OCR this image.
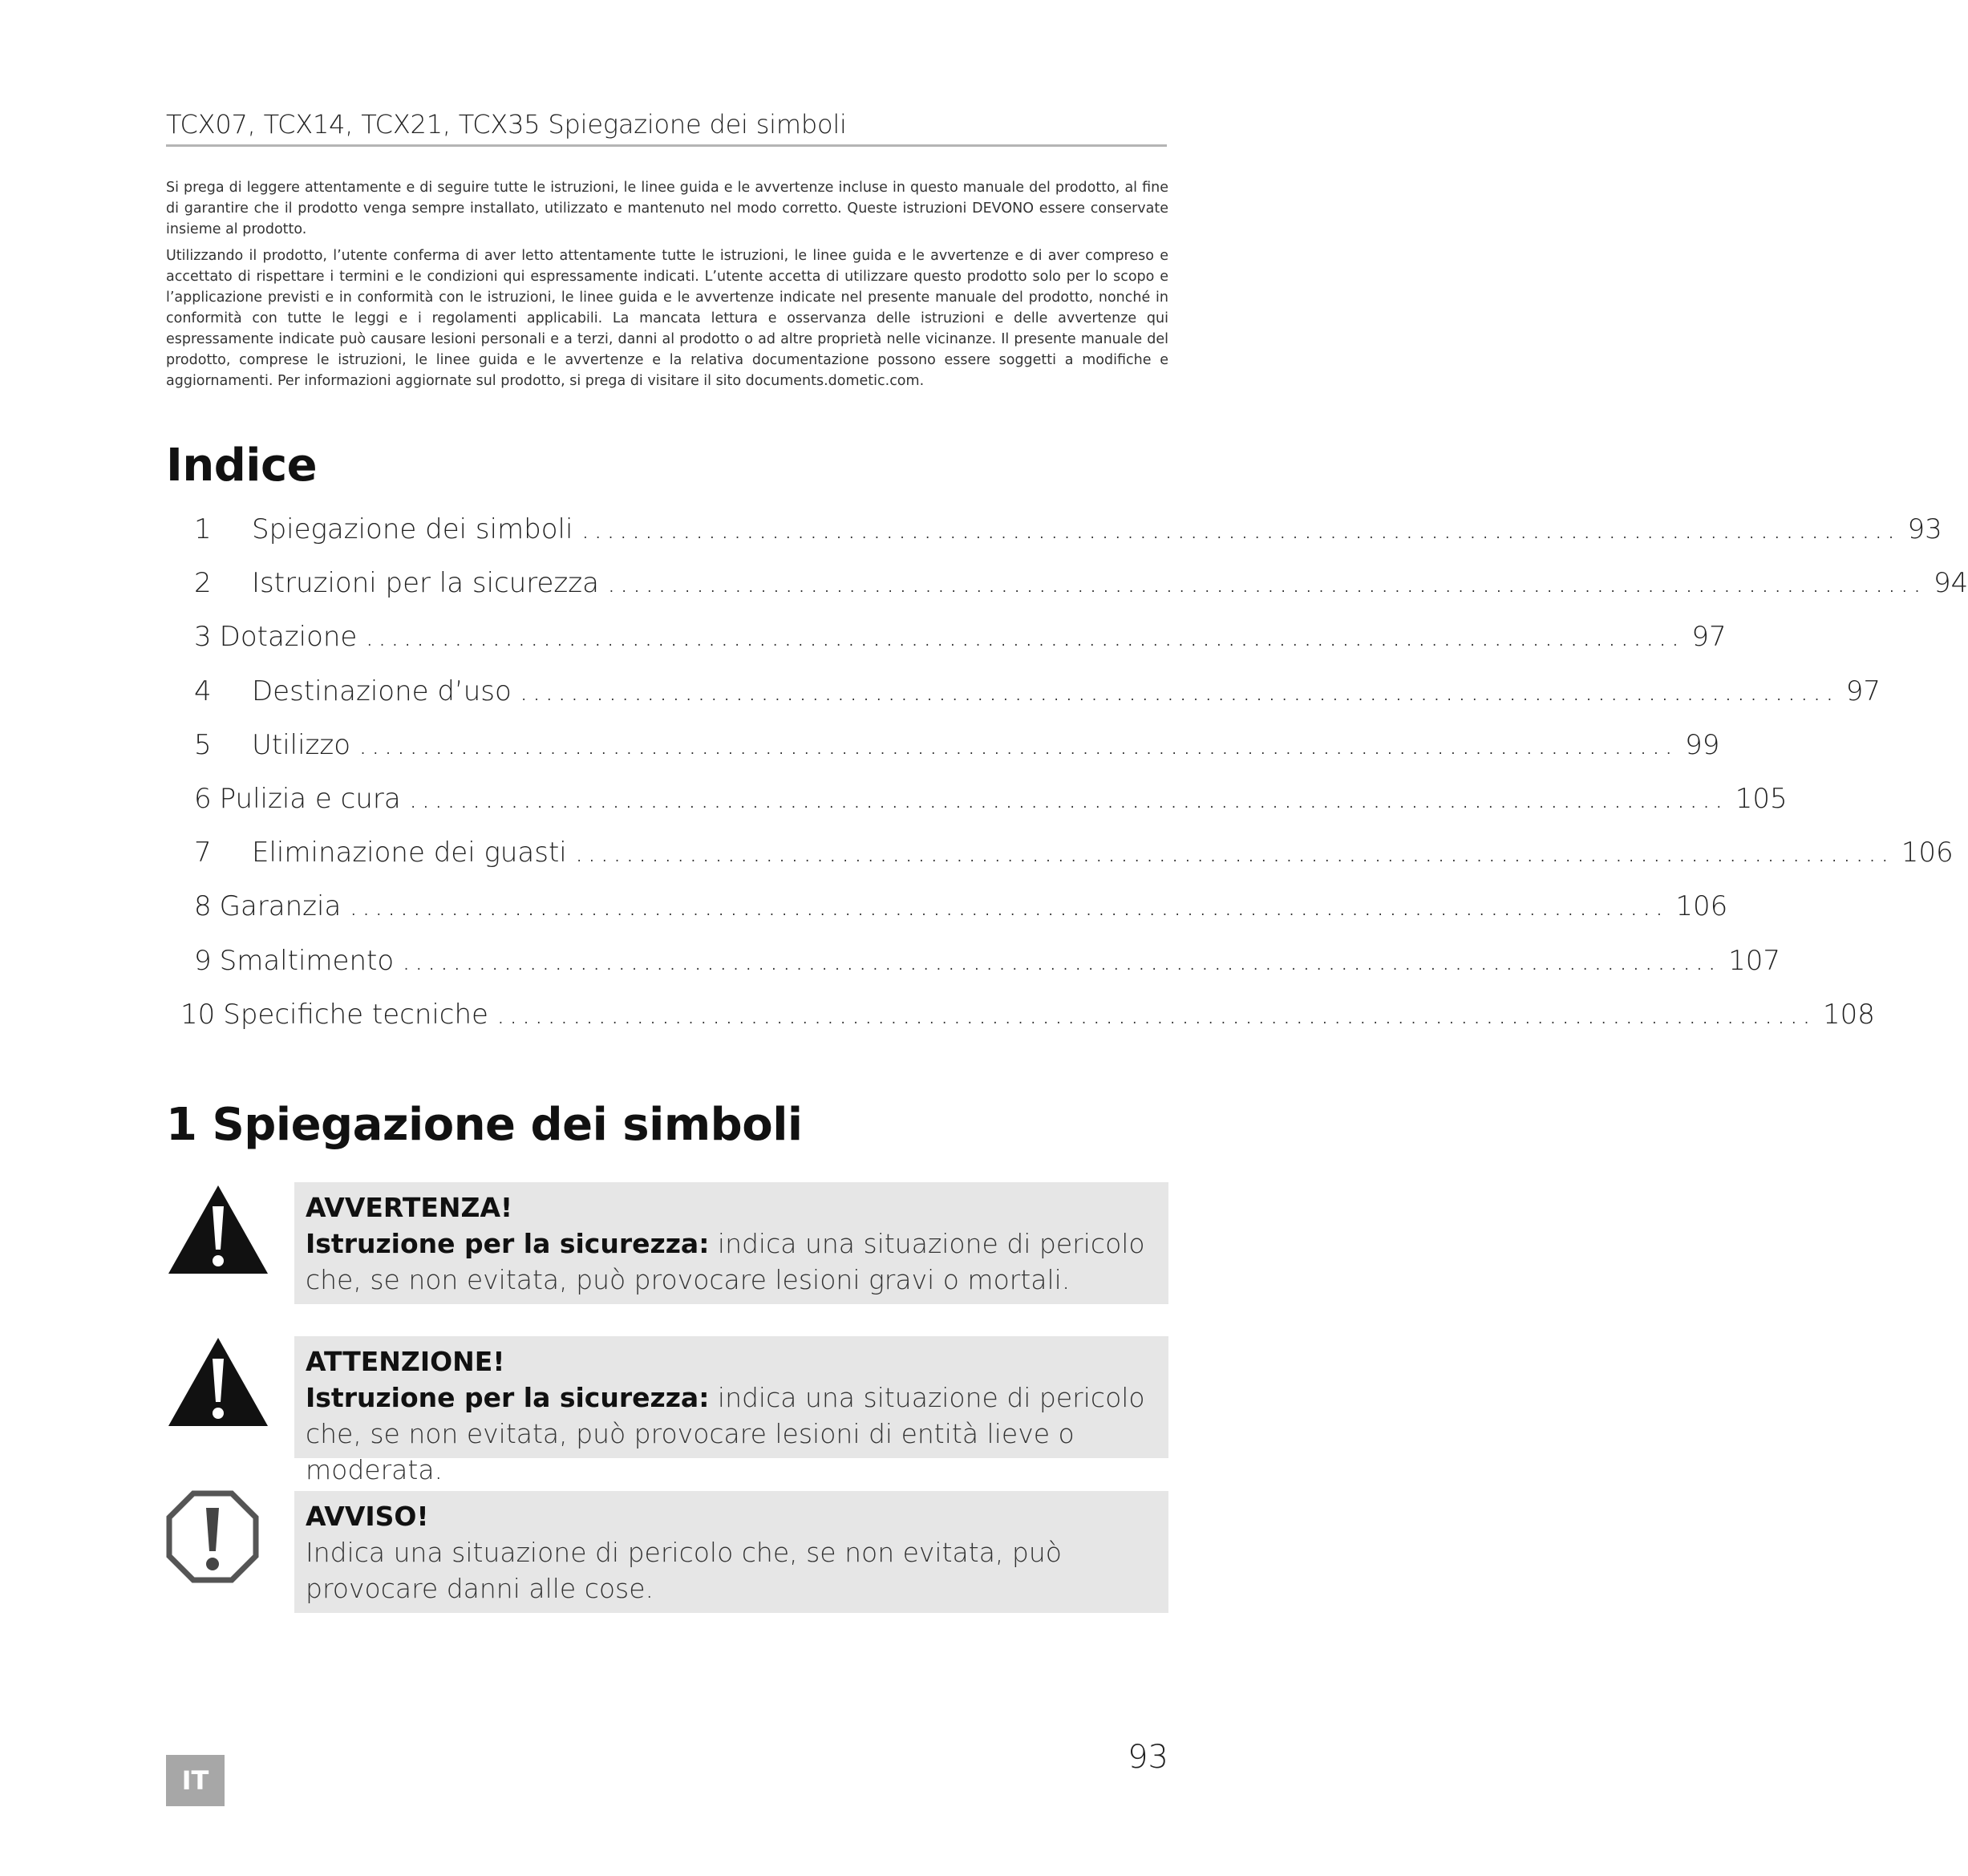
TCX07, TCX14, TCX21, TCX35 Spiegazione dei simboli

Si prega di leggere attentamente e di seguire tutte le istruzioni, le linee guida e le avvertenze incluse in questo manuale del prodotto, al fine di garantire che il prodotto venga sempre installato, utilizzato e mantenuto nel modo corretto. Queste istruzioni DEVONO essere conservate insieme al prodotto.

Utilizzando il prodotto, l’utente conferma di aver letto attentamente tutte le istruzioni, le linee guida e le avvertenze e di aver compreso e accettato di rispettare i termini e le condizioni qui espressamente indicati. L’utente accetta di utilizzare questo prodotto solo per lo scopo e l’applicazione previsti e in conformità con le istruzioni, le linee guida e le avvertenze indicate nel presente manuale del prodotto, nonché in conformità con tutte le leggi e i regolamenti applicabili. La mancata lettura e osservanza delle istruzioni e delle avvertenze qui espressamente indicate può causare lesioni personali e a terzi, danni al prodotto o ad altre proprietà nelle vicinanze. Il presente manuale del prodotto, comprese le istruzioni, le linee guida e le avvertenze e la relativa documentazione possono essere soggetti a modifiche e aggiornamenti. Per informazioni aggiornate sul prodotto, si prega di visitare il sito documents.dometic.com.

Indice
1	Spiegazione dei simboli ........................................................................................................ 93
2	Istruzioni per la sicurezza ........................................................................................................ 94
3 Dotazione ........................................................................................................ 97
4	Destinazione d’uso ........................................................................................................ 97
5	Utilizzo ........................................................................................................ 99
6 Pulizia e cura ........................................................................................................ 105
7	Eliminazione dei guasti ........................................................................................................ 106
8 Garanzia ........................................................................................................ 106
9 Smaltimento ........................................................................................................ 107
10 Specifiche tecniche ........................................................................................................ 108
1 Spiegazione dei simboli
AVVERTENZA!
Istruzione per la sicurezza: indica una situazione di pericolo che, se non evitata, può provocare lesioni gravi o mortali.
ATTENZIONE!
Istruzione per la sicurezza: indica una situazione di pericolo che, se non evitata, può provocare lesioni di entità lieve o moderata.
AVVISO!
Indica una situazione di pericolo che, se non evitata, può provocare danni alle cose.
IT
93
